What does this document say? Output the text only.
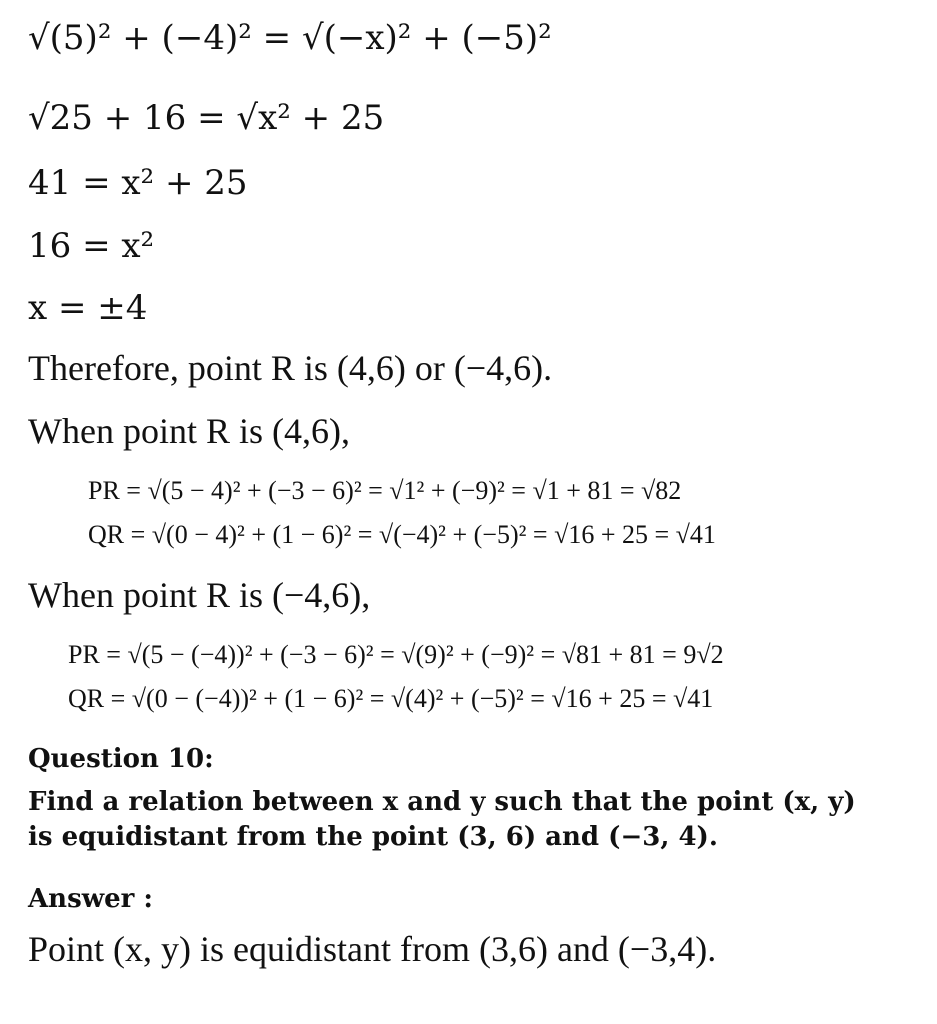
√(5)² + (−4)² = √(−x)² + (−5)²
√25 + 16 = √x² + 25
41 = x² + 25
16 = x²
x = ±4
Therefore, point R is (4,6) or (−4,6).
When point R is (4,6),
PR = √(5 − 4)² + (−3 − 6)² = √1² + (−9)² = √1 + 81 = √82
QR = √(0 − 4)² + (1 − 6)² = √(−4)² + (−5)² = √16 + 25 = √41
When point R is (−4,6),
PR = √(5 − (−4))² + (−3 − 6)² = √(9)² + (−9)² = √81 + 81 = 9√2
QR = √(0 − (−4))² + (1 − 6)² = √(4)² + (−5)² = √16 + 25 = √41
Question 10:
Find a relation between x and y such that the point (x, y)
is equidistant from the point (3, 6) and (−3, 4).
Answer :
Point (x, y) is equidistant from (3,6) and (−3,4).
